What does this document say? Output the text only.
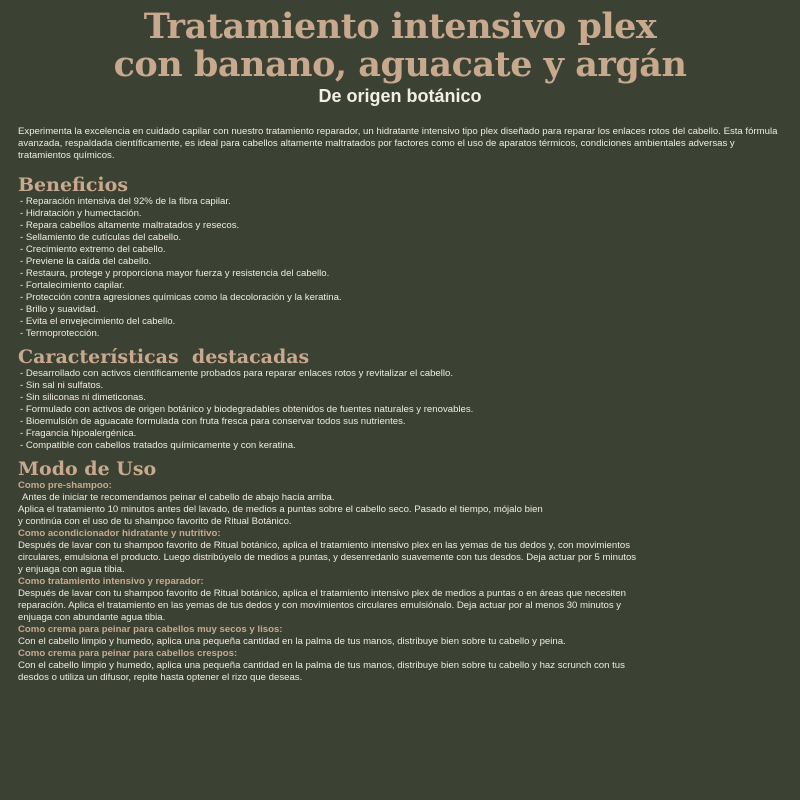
Tratamiento intensivo plex
con banano, aguacate y argán

De origen botánico

Experimenta la excelencia en cuidado capilar con nuestro tratamiento reparador, un hidratante intensivo tipo plex diseñado para reparar los enlaces rotos del cabello. Esta fórmula avanzada, respaldada científicamente, es ideal para cabellos altamente maltratados por factores como el uso de aparatos térmicos, condiciones ambientales adversas y tratamientos químicos.

Beneficios
- Reparación intensiva del 92% de la fibra capilar.
- Hidratación y humectación.
- Repara cabellos altamente maltratados y resecos.
- Sellamiento de cutículas del cabello.
- Crecimiento extremo del cabello.
- Previene la caída del cabello.
- Restaura, protege y proporciona mayor fuerza y resistencia del cabello.
- Fortalecimiento capilar.
- Protección contra agresiones químicas como la decoloración y la keratina.
- Brillo y suavidad.
- Evita el envejecimiento del cabello.
- Termoprotección.
Características  destacadas
- Desarrollado con activos científicamente probados para reparar enlaces rotos y revitalizar el cabello.
- Sin sal ni sulfatos.
- Sin siliconas ni dimeticonas.
- Formulado con activos de origen botánico y biodegradables obtenidos de fuentes naturales y renovables.
- Bioemulsión de aguacate formulada con fruta fresca para conservar todos sus nutrientes.
- Fragancia hipoalergénica.
- Compatible con cabellos tratados químicamente y con keratina.
Modo de Uso

Como pre-shampoo:

Antes de iniciar te recomendamos peinar el cabello de abajo hacia arriba.

Aplica el tratamiento 10 minutos antes del lavado, de medios a puntas sobre el cabello seco. Pasado el tiempo, mójalo bien

y continúa con el uso de tu shampoo favorito de Ritual Botánico.

Como acondicionador hidratante y nutritivo:

Después de lavar con tu shampoo favorito de Ritual botánico, aplica el tratamiento intensivo plex en las yemas de tus dedos y, con movimientos

circulares, emulsiona el producto. Luego distribúyelo de medios a puntas, y desenredanlo suavemente con tus desdos. Deja actuar por 5 minutos

y enjuaga con agua tibia.

Como tratamiento intensivo y reparador:

Después de lavar con tu shampoo favorito de Ritual botánico, aplica el tratamiento intensivo plex de medios a puntas o en áreas que necesiten

reparación. Aplica el tratamiento en las yemas de tus dedos y con movimientos circulares emulsiónalo. Deja actuar por al menos 30 minutos y

enjuaga con abundante agua tibia.

Como crema para peinar para cabellos muy secos y lisos:

Con el cabello limpio y humedo, aplica una pequeña cantidad en la palma de tus manos, distribuye bien sobre tu cabello y peina.

Como crema para peinar para cabellos crespos:

Con el cabello limpio y humedo, aplica una pequeña cantidad en la palma de tus manos, distribuye bien sobre tu cabello y haz scrunch con tus

desdos o utiliza un difusor, repite hasta optener el rizo que deseas.
